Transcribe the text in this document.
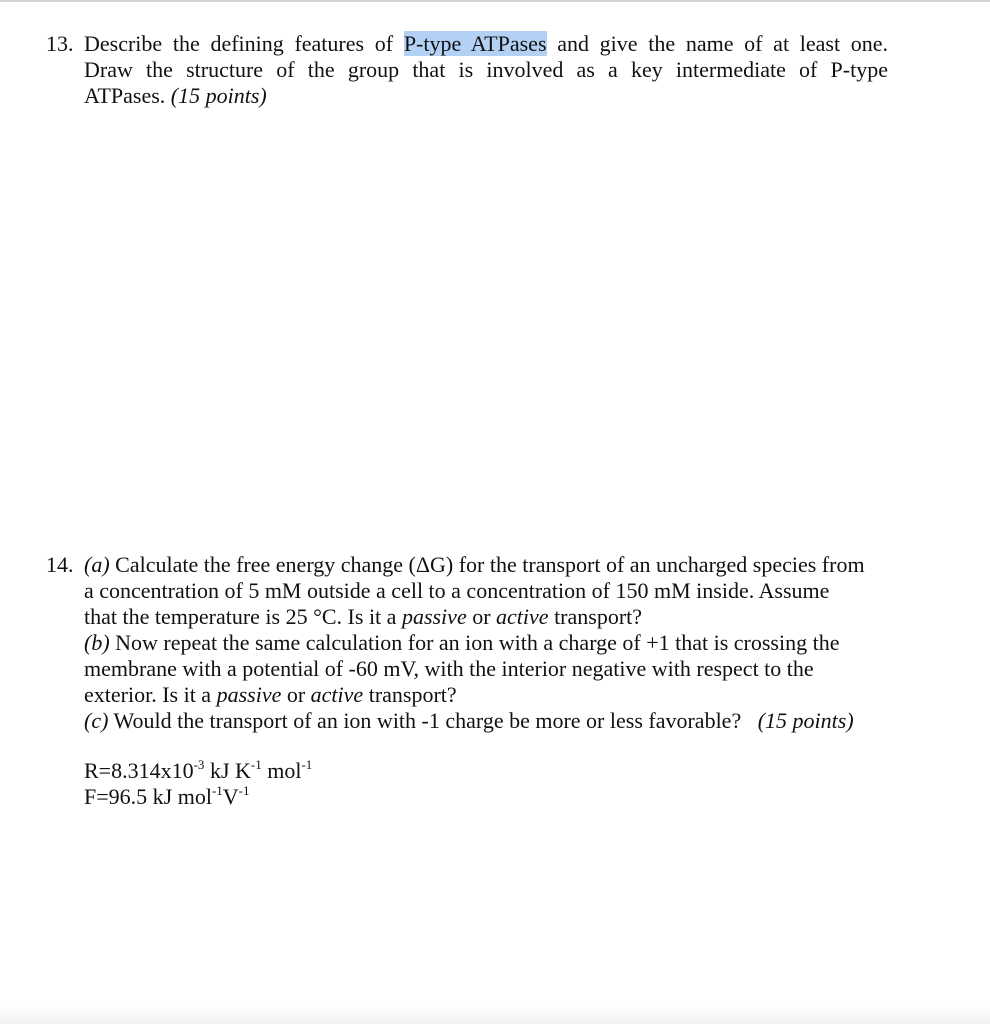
13. Describe the defining features of P-type ATPases and give the name of at least one.
Draw the structure of the group that is involved as a key intermediate of P-type
ATPases. (15 points)
14. (a) Calculate the free energy change (ΔG) for the transport of an uncharged species from
a concentration of 5 mM outside a cell to a concentration of 150 mM inside. Assume
that the temperature is 25 °C. Is it a passive or active transport?
(b) Now repeat the same calculation for an ion with a charge of +1 that is crossing the
membrane with a potential of -60 mV, with the interior negative with respect to the
exterior. Is it a passive or active transport?
(c) Would the transport of an ion with -1 charge be more or less favorable? (15 points)
$R=8.314x10^{-3}$ kJ $K^{-1}$ mol$^{-1}$
F=96.5 kJ $mol^{-1}V^{-1}$
